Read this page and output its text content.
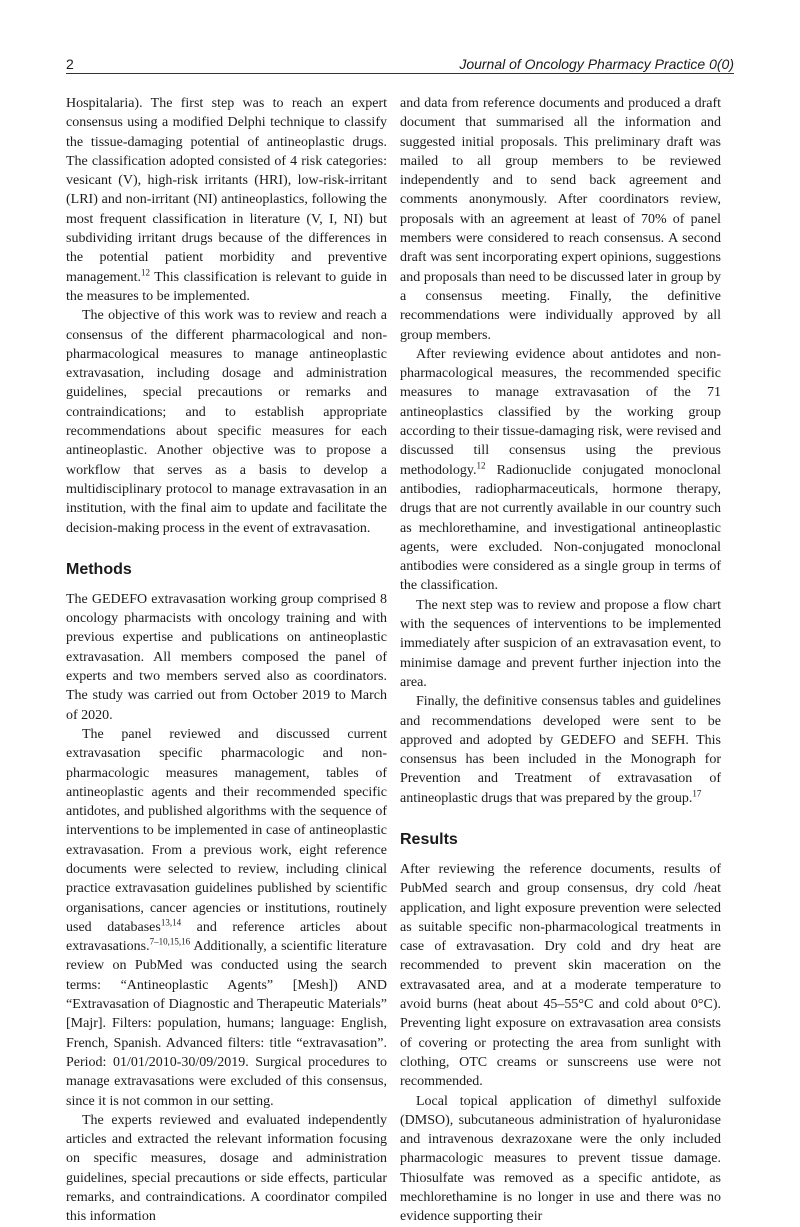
2	Journal of Oncology Pharmacy Practice 0(0)

Hospitalaria). The first step was to reach an expert consensus using a modified Delphi technique to classify the tissue-damaging potential of antineoplastic drugs. The classification adopted consisted of 4 risk categories: vesicant (V), high-risk irritants (HRI), low-risk-irritant (LRI) and non-irritant (NI) antineoplastics, following the most frequent classification in literature (V, I, NI) but subdividing irritant drugs because of the differences in the potential patient morbidity and preventive management.$^{12}$ This classification is relevant to guide in the measures to be implemented.

The objective of this work was to review and reach a consensus of the different pharmacological and non-pharmacological measures to manage antineoplastic extravasation, including dosage and administration guidelines, special precautions or remarks and contraindications; and to establish appropriate recommendations about specific measures for each antineoplastic. Another objective was to propose a workflow that serves as a basis to develop a multidisciplinary protocol to manage extravasation in an institution, with the final aim to update and facilitate the decision-making process in the event of extravasation.

Methods

The GEDEFO extravasation working group comprised 8 oncology pharmacists with oncology training and with previous expertise and publications on antineoplastic extravasation. All members composed the panel of experts and two members served also as coordinators. The study was carried out from October 2019 to March of 2020.

The panel reviewed and discussed current extravasation specific pharmacologic and non-pharmacologic measures management, tables of antineoplastic agents and their recommended specific antidotes, and published algorithms with the sequence of interventions to be implemented in case of antineoplastic extravasation. From a previous work, eight reference documents were selected to review, including clinical practice extravasation guidelines published by scientific organisations, cancer agencies or institutions, routinely used databases$^{13,14}$ and reference articles about extravasations.$^{7-10,15,16}$ Additionally, a scientific literature review on PubMed was conducted using the search terms: “Antineoplastic Agents” [Mesh]) AND “Extravasation of Diagnostic and Therapeutic Materials” [Majr]. Filters: population, humans; language: English, French, Spanish. Advanced filters: title “extravasation”. Period: 01/01/2010-30/09/2019. Surgical procedures to manage extravasations were excluded of this consensus, since it is not common in our setting.

The experts reviewed and evaluated independently articles and extracted the relevant information focusing on specific measures, dosage and administration guidelines, special precautions or side effects, particular remarks, and contraindications. A coordinator compiled this information

and data from reference documents and produced a draft document that summarised all the information and suggested initial proposals. This preliminary draft was mailed to all group members to be reviewed independently and to send back agreement and comments anonymously. After coordinators review, proposals with an agreement at least of 70% of panel members were considered to reach consensus. A second draft was sent incorporating expert opinions, suggestions and proposals than need to be discussed later in group by a consensus meeting. Finally, the definitive recommendations were individually approved by all group members.

After reviewing evidence about antidotes and non-pharmacological measures, the recommended specific measures to manage extravasation of the 71 antineoplastics classified by the working group according to their tissue-damaging risk, were revised and discussed till consensus using the previous methodology.$^{12}$ Radionuclide conjugated monoclonal antibodies, radiopharmaceuticals, hormone therapy, drugs that are not currently available in our country such as mechlorethamine, and investigational antineoplastic agents, were excluded. Non-conjugated monoclonal antibodies were considered as a single group in terms of the classification.

The next step was to review and propose a flow chart with the sequences of interventions to be implemented immediately after suspicion of an extravasation event, to minimise damage and prevent further injection into the area.

Finally, the definitive consensus tables and guidelines and recommendations developed were sent to be approved and adopted by GEDEFO and SEFH. This consensus has been included in the Monograph for Prevention and Treatment of extravasation of antineoplastic drugs that was prepared by the group.$^{17}$

Results

After reviewing the reference documents, results of PubMed search and group consensus, dry cold /heat application, and light exposure prevention were selected as suitable specific non-pharmacological treatments in case of extravasation. Dry cold and dry heat are recommended to prevent skin maceration on the extravasated area, and at a moderate temperature to avoid burns (heat about 45–55°C and cold about 0°C). Preventing light exposure on extravasation area consists of covering or protecting the area from sunlight with clothing, OTC creams or sunscreens use were not recommended.

Local topical application of dimethyl sulfoxide (DMSO), subcutaneous administration of hyaluronidase and intravenous dexrazoxane were the only included pharmacologic measures to prevent tissue damage. Thiosulfate was removed as a specific antidote, as mechlorethamine is no longer in use and there was no evidence supporting their
